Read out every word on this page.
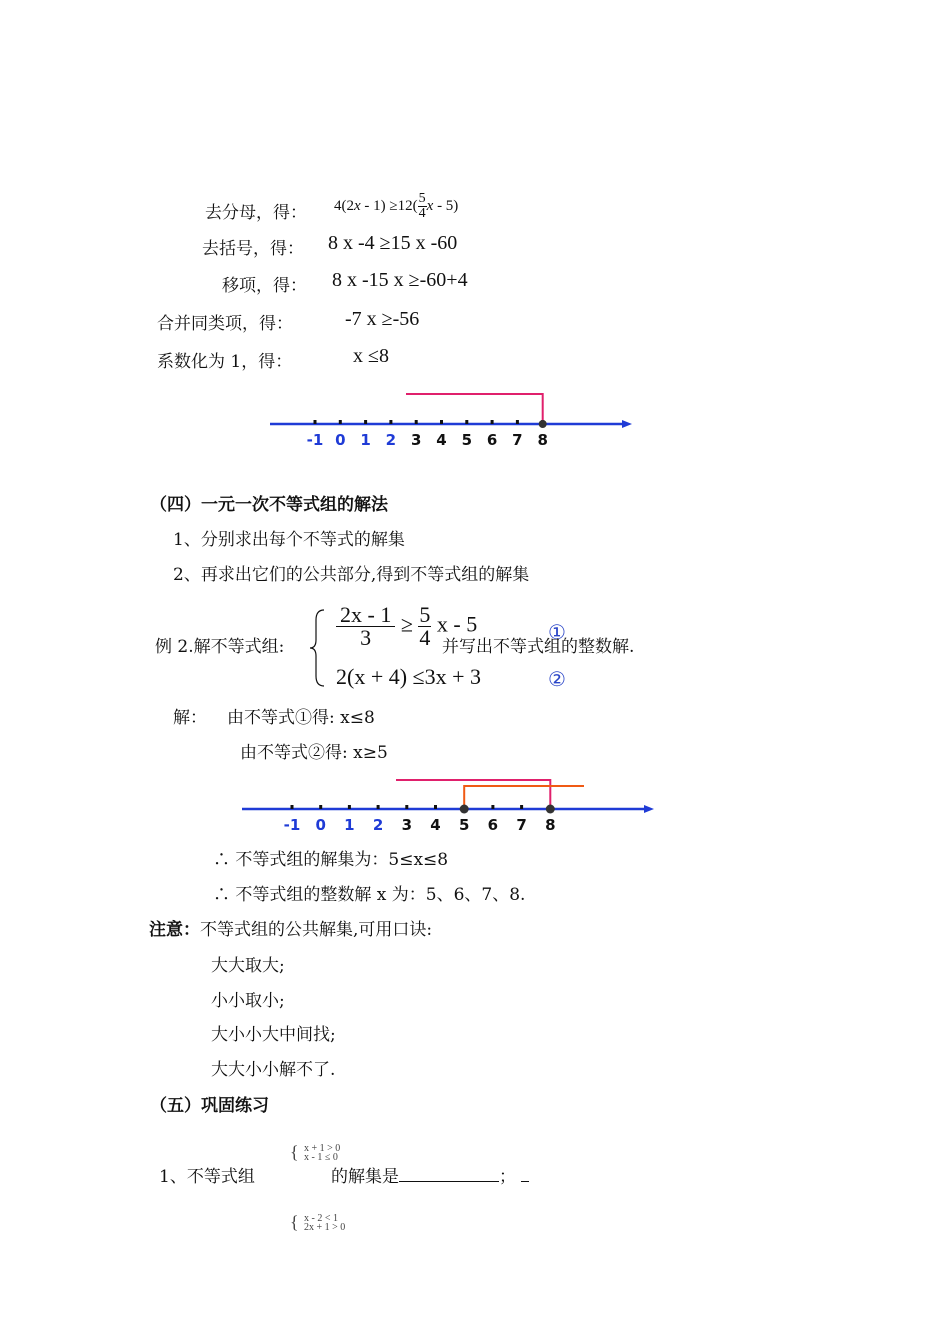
去分母，得： $4(2x - 1) \ge 12( \frac{5}{4}$ x - 5)
去括号，得： 8 x -4 ≥15 x -60
移项，得： 8 x -15 x ≥-60+4
合并同类项，得：	-7 x ≥-56
系数化为 1，得：	x ≤8
-1 0 1 2 3 4 5 6 7 8
（四）一元一次不等式组的解法
1、分别求出每个不等式的解集
2、再求出它们的公共部分,得到不等式组的解集
例 2.解不等式组: $\frac{2x - 1}{3} \ge \frac{5}{4}$ x - 5	①
并写出不等式组的整数解.
2(x + 4) ≤3x + 3	②
解： 由不等式①得: x≤8
由不等式②得: x≥5
-1 0 1 2 3 4 5 6 7 8
∴ 不等式组的解集为：5≤x≤8
∴ 不等式组的整数解 x 为：5、6、7、8.
注意：不等式组的公共解集,可用口诀:
大大取大;
小小取小;
大小小大中间找;
大大小小解不了.
（五）巩固练习
1、不等式组
{ x + 1 > 0
x - 1 ≤ 0
的解集是	；
{ x - 2 < 1
2x + 1 > 0
